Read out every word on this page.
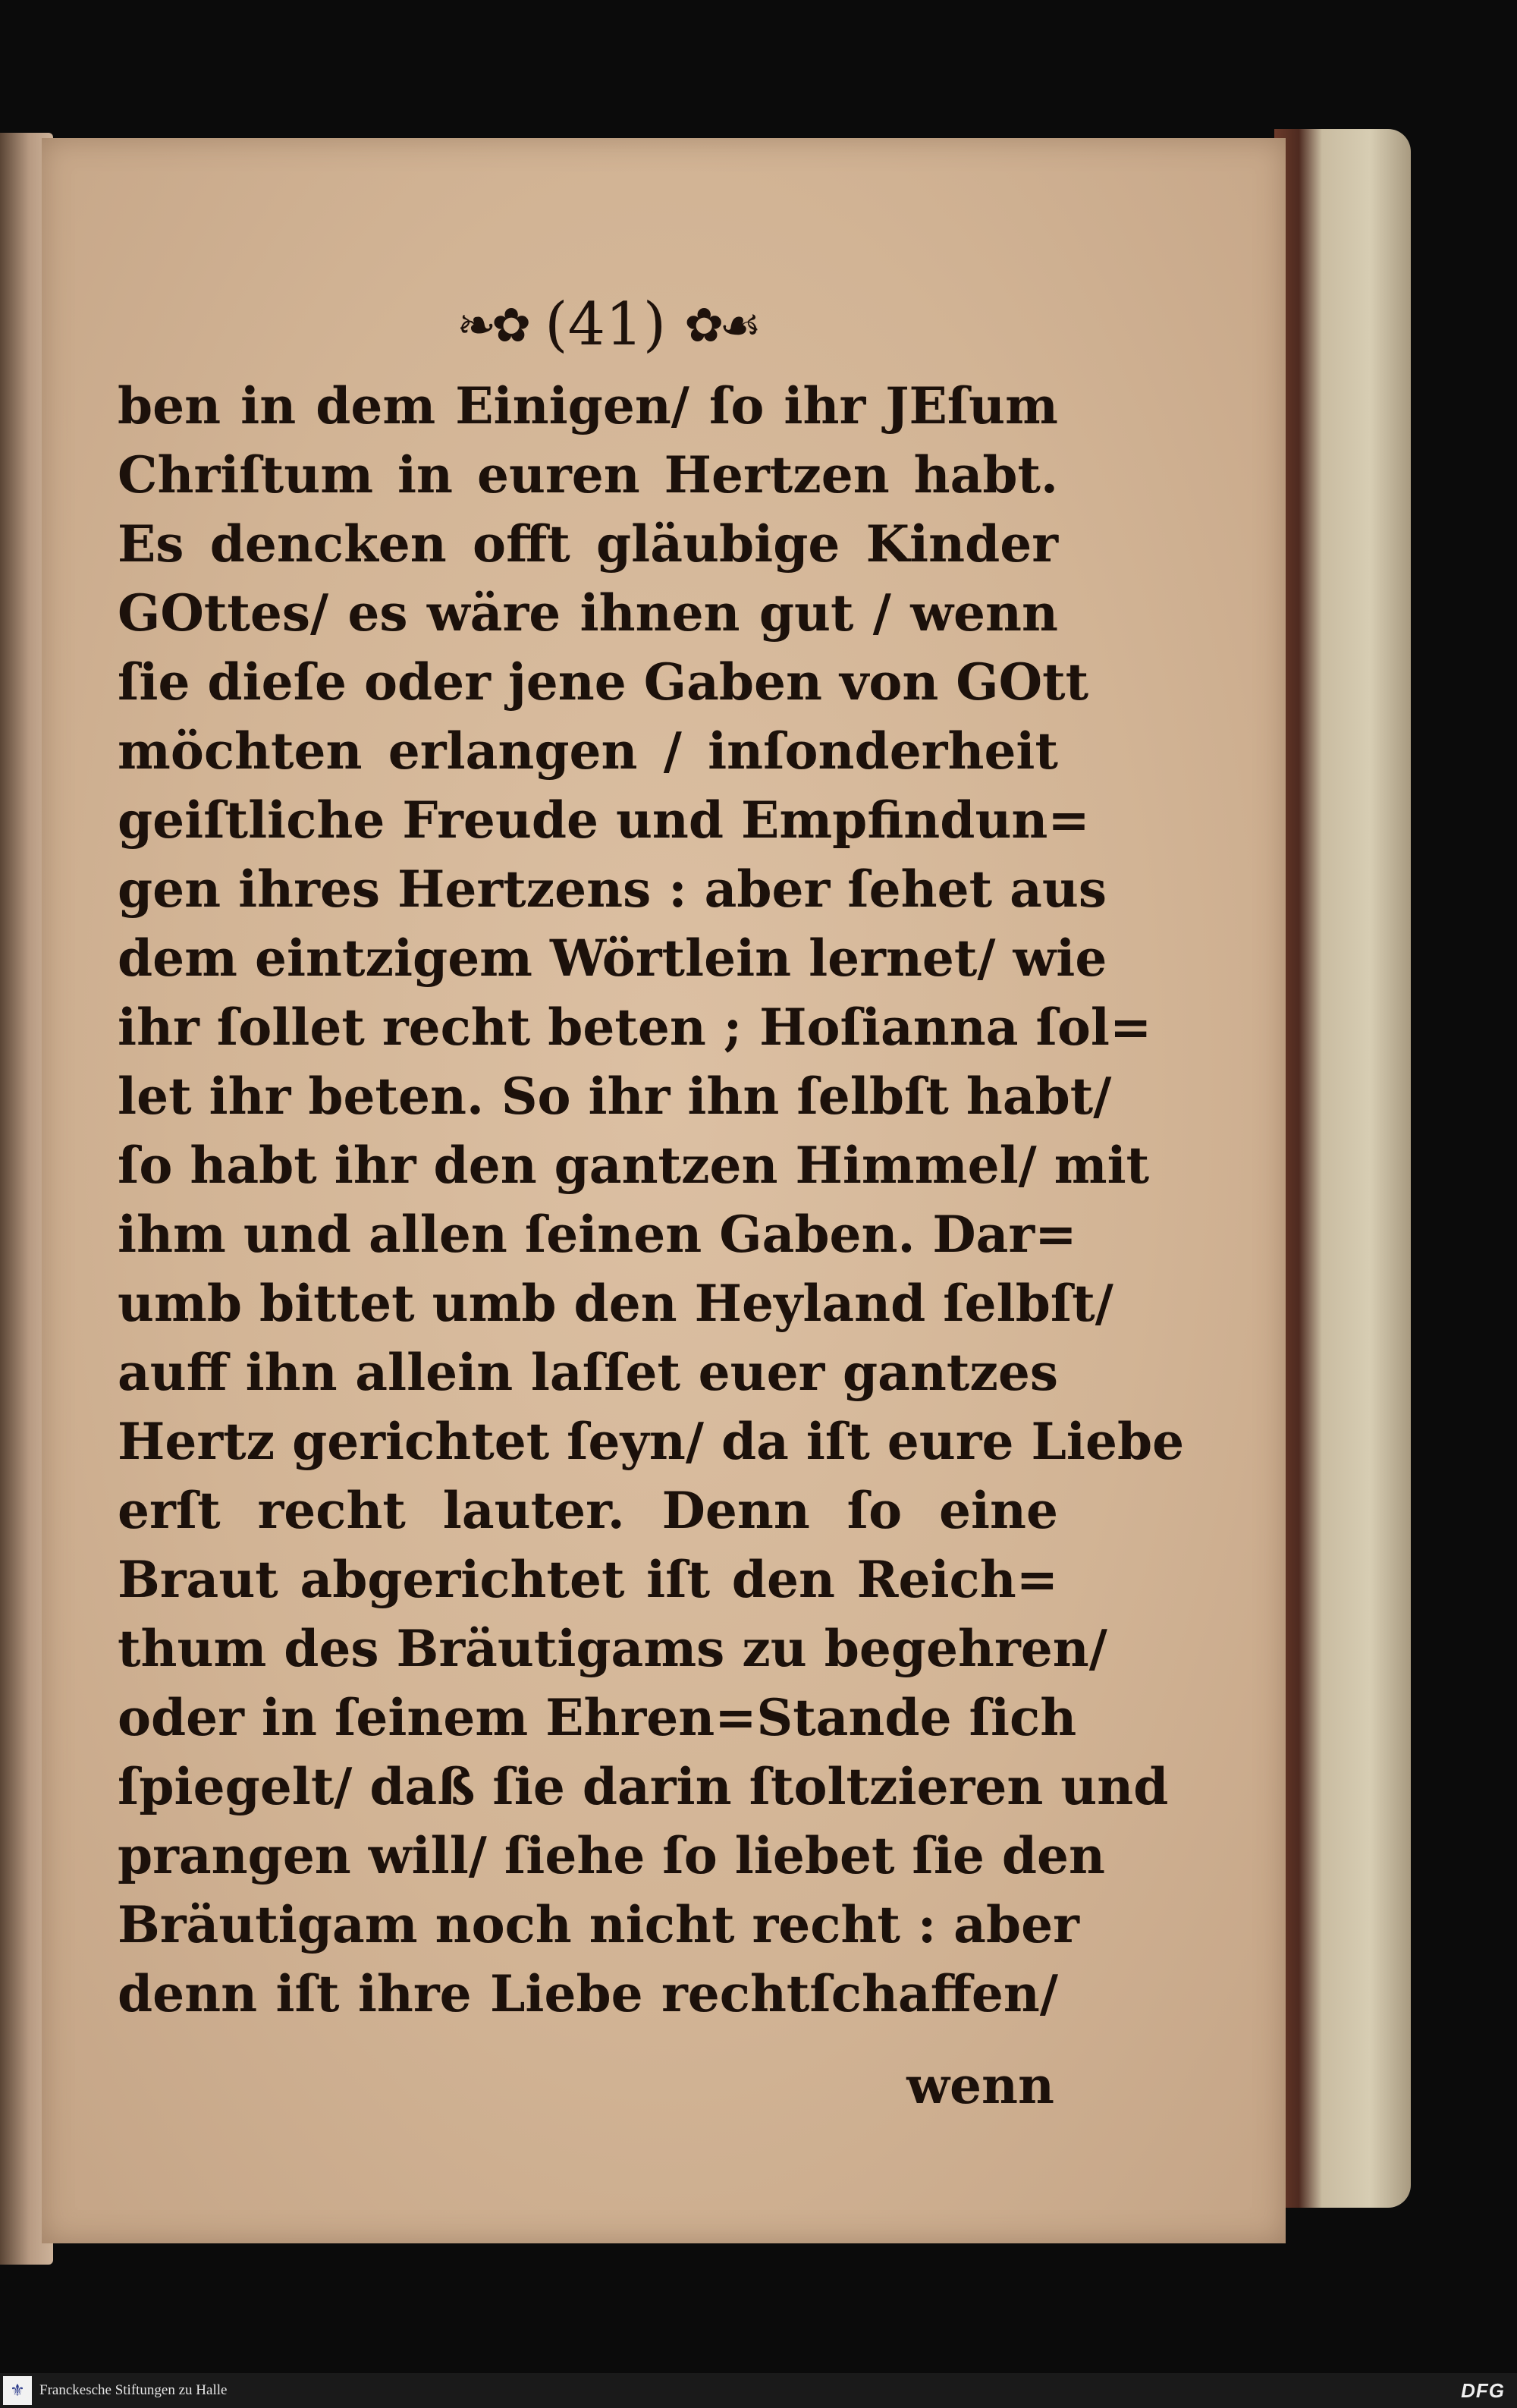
❧✿ (41) ✿☙
ben in dem Einigen/ ſo ihr JEſum
Chriſtum in euren Hertzen habt.
Es dencken offt gläubige Kinder
GOttes/ es wäre ihnen gut / wenn
ſie dieſe oder jene Gaben von GOtt
möchten erlangen / inſonderheit
geiſtliche Freude und Empfindun=
gen ihres Hertzens : aber ſehet aus
dem eintzigem Wörtlein lernet/ wie
ihr ſollet recht beten ; Hoſianna ſol=
let ihr beten. So ihr ihn ſelbſt habt/
ſo habt ihr den gantzen Himmel/ mit
ihm und allen ſeinen Gaben. Dar=
umb bittet umb den Heyland ſelbſt/
auff ihn allein laſſet euer gantzes
Hertz gerichtet ſeyn/ da iſt eure Liebe
erſt recht lauter. Denn ſo eine
Braut abgerichtet iſt den Reich=
thum des Bräutigams zu begehren/
oder in ſeinem Ehren=Stande ſich
ſpiegelt/ daß ſie darin ſtoltzieren und
prangen will/ ſiehe ſo liebet ſie den
Bräutigam noch nicht recht : aber
denn iſt ihre Liebe rechtſchaffen/
wenn
⚜ Franckesche Stiftungen zu Halle	DFG
